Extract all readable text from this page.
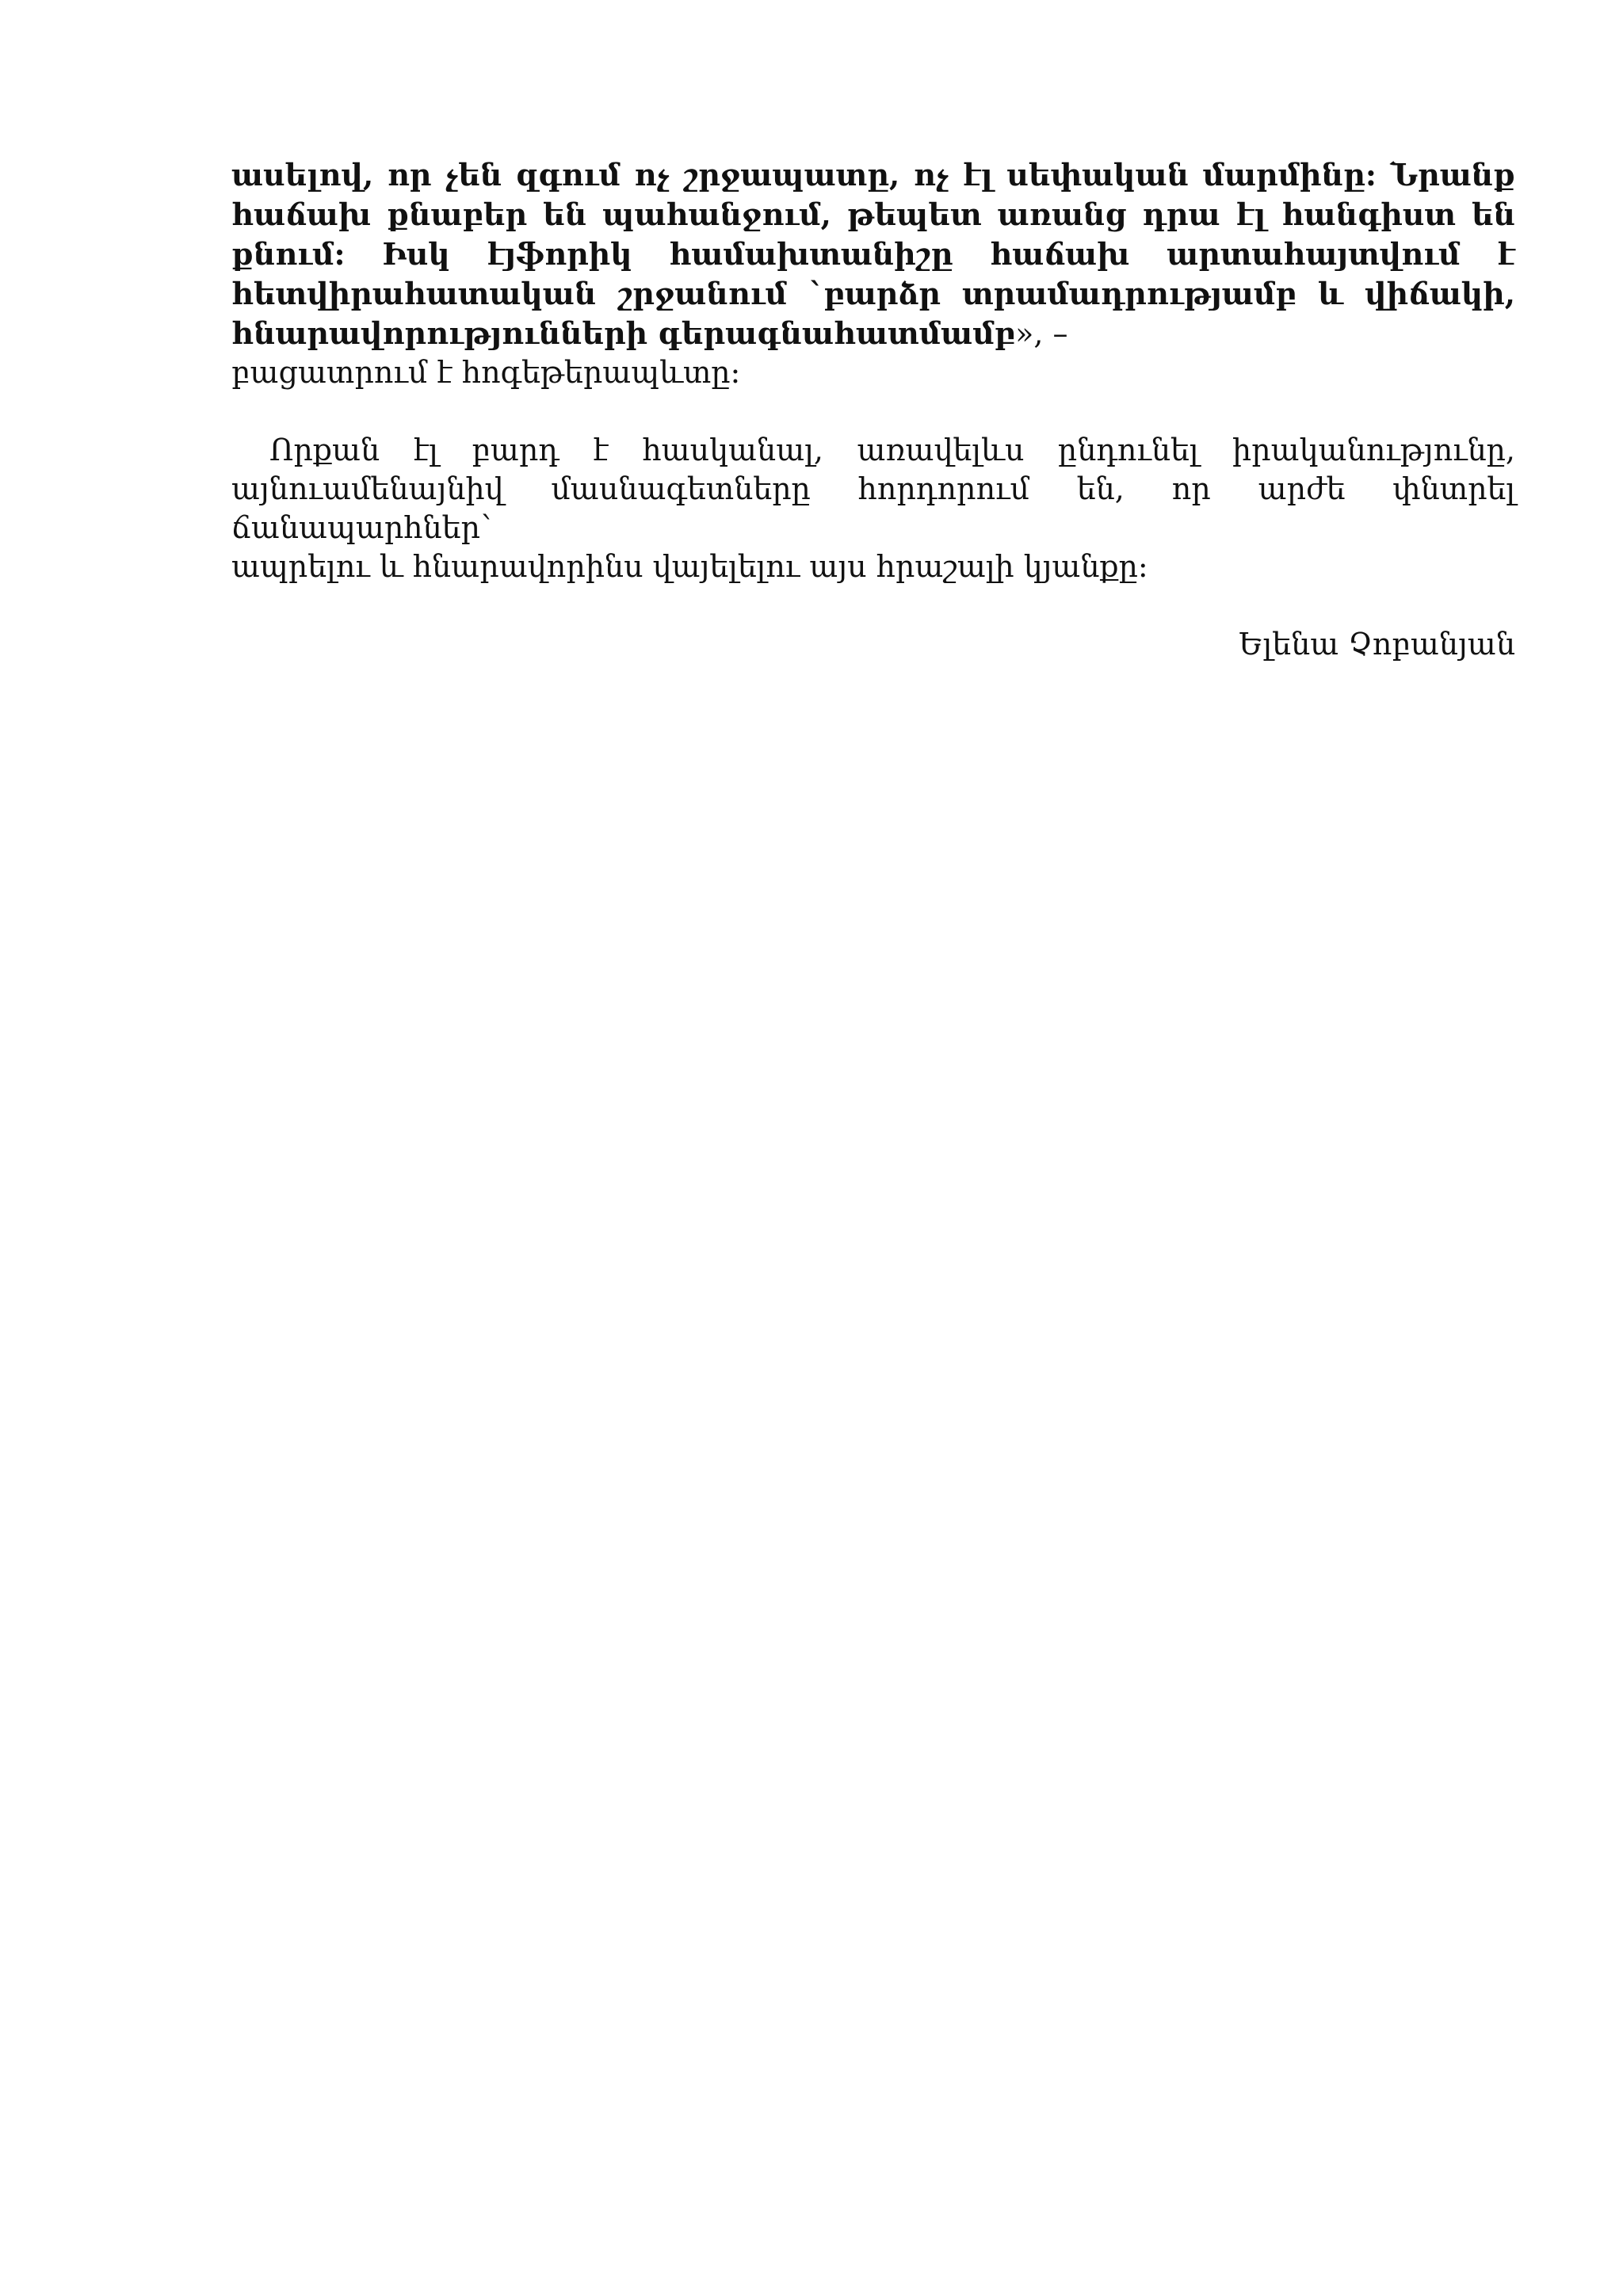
ասելով, որ չեն զգում ոչ շրջապատը, ոչ էլ սեփական մարմինը: Նրանք հաճախ քնաբեր են պահանջում, թեպետ առանց դրա էլ հանգիստ են քնում: Իսկ էյֆորիկ համախտանիշը հաճախ արտահայտվում է հետվիրահատական շրջանում `բարձր տրամադրությամբ և վիճակի, հնարավորությունների գերագնահատմամբ», –
բացատրում է հոգեթերապևտը:

Որքան էլ բարդ է հասկանալ, առավելևս ընդունել իրականությունը, այնուամենայնիվ մասնագետները հորդորում են, որ արժե փնտրել ճանապարհներ՝
ապրելու և հնարավորինս վայելելու այս հրաշալի կյանքը:

Ելենա Չոբանյան
